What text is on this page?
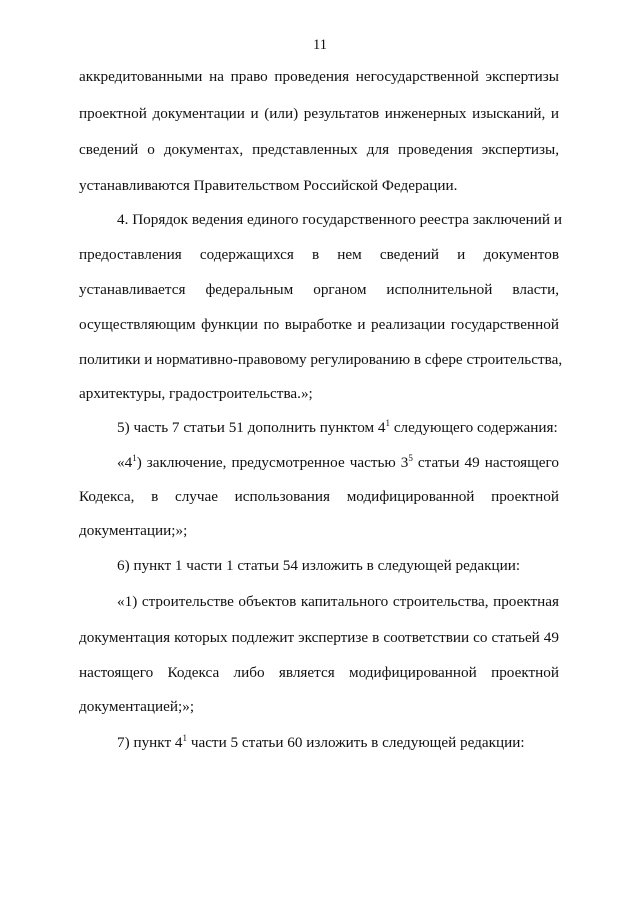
11
аккредитованными на право проведения негосударственной экспертизы
проектной документации и (или) результатов инженерных изысканий, и
сведений о документах, представленных для проведения экспертизы,
устанавливаются Правительством Российской Федерации.
4. Порядок ведения единого государственного реестра заключений и
предоставления содержащихся в нем сведений и документов
устанавливается федеральным органом исполнительной власти,
осуществляющим функции по выработке и реализации государственной
политики и нормативно-правовому регулированию в сфере строительства,
архитектуры, градостроительства.»;
5) часть 7 статьи 51 дополнить пунктом $4^1$ следующего содержания:
«$4^1$) заключение, предусмотренное частью $3^5$ статьи 49 настоящего
Кодекса, в случае использования модифицированной проектной
документации;»;
6) пункт 1 части 1 статьи 54 изложить в следующей редакции:
«1) строительстве объектов капитального строительства, проектная
документация которых подлежит экспертизе в соответствии со статьей 49
настоящего Кодекса либо является модифицированной проектной
документацией;»;
7) пункт $4^1$ части 5 статьи 60 изложить в следующей редакции:
